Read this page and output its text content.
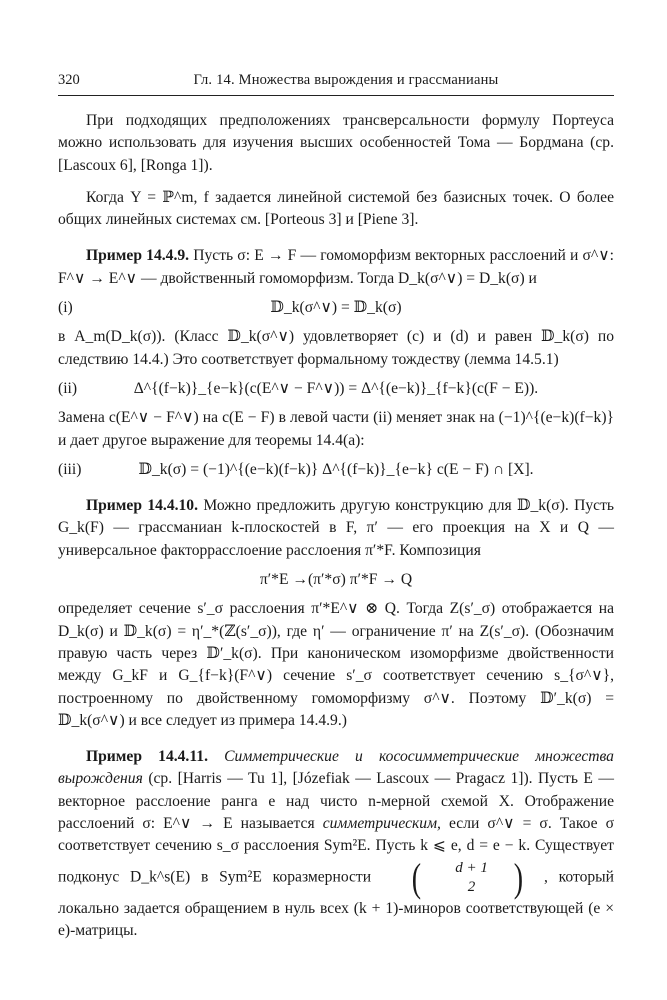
320	Гл. 14. Множества вырождения и грассманианы

При подходящих предположениях трансверсальности формулу Портеуса можно использовать для изучения высших особенностей Тома — Бордмана (ср. [Lascoux 6], [Ronga 1]).

Когда Y = ℙ^m, f задается линейной системой без базисных точек. О более общих линейных системах см. [Porteous 3] и [Piene 3].

Пример 14.4.9. Пусть σ: E → F — гомоморфизм векторных расслоений и σ^∨: F^∨ → E^∨ — двойственный гомоморфизм. Тогда D_k(σ^∨) = D_k(σ) и

(i)	𝔻_k(σ^∨) = 𝔻_k(σ)

в A_m(D_k(σ)). (Класс 𝔻_k(σ^∨) удовлетворяет (c) и (d) и равен 𝔻_k(σ) по следствию 14.4.) Это соответствует формальному тождеству (лемма 14.5.1)

(ii)	Δ^{(f−k)}_{e−k}(c(E^∨ − F^∨)) = Δ^{(e−k)}_{f−k}(c(F − E)).

Замена c(E^∨ − F^∨) на c(E − F) в левой части (ii) меняет знак на (−1)^{(e−k)(f−k)} и дает другое выражение для теоремы 14.4(a):

(iii)	𝔻_k(σ) = (−1)^{(e−k)(f−k)} Δ^{(f−k)}_{e−k} c(E − F) ∩ [X].

Пример 14.4.10. Можно предложить другую конструкцию для 𝔻_k(σ). Пусть G_k(F) — грассманиан k-плоскостей в F, π′ — его проекция на X и Q — универсальное факторрасслоение расслоения π′*F. Композиция

π′*E →(π′*σ) π′*F → Q

определяет сечение s′_σ расслоения π′*E^∨ ⊗ Q. Тогда Z(s′_σ) отображается на D_k(σ) и 𝔻_k(σ) = η′_*(ℤ(s′_σ)), где η′ — ограничение π′ на Z(s′_σ). (Обозначим правую часть через 𝔻′_k(σ). При каноническом изоморфизме двойственности между G_kF и G_{f−k}(F^∨) сечение s′_σ соответствует сечению s_{σ^∨}, построенному по двойственному гомоморфизму σ^∨. Поэтому 𝔻′_k(σ) = 𝔻_k(σ^∨) и все следует из примера 14.4.9.)

Пример 14.4.11. Симметрические и кососимметрические множества вырождения (ср. [Harris — Tu 1], [Józefiak — Lascoux — Pragacz 1]). Пусть E — векторное расслоение ранга e над чисто n-мерной схемой X. Отображение расслоений σ: E^∨ → E называется симметрическим, если σ^∨ = σ. Такое σ соответствует сечению s_σ расслоения Sym²E. Пусть k ⩽ e, d = e − k. Существует подконус D_k^s(E) в Sym²E коразмерности	(	d + 1
2 ) , который локально задается обращением в нуль всех (k + 1)-миноров соответствующей (e × e)-матрицы.
